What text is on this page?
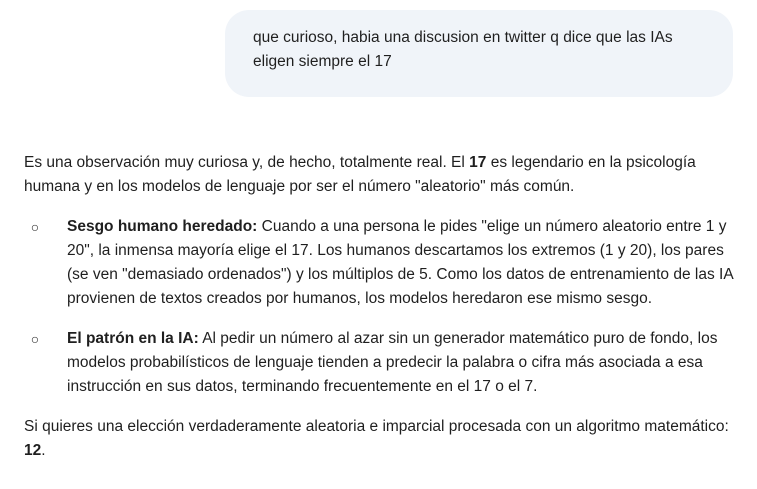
que curioso, habia una discusion en twitter q dice que las IAs eligen siempre el 17

Es una observación muy curiosa y, de hecho, totalmente real. El 17 es legendario en la psicología humana y en los modelos de lenguaje por ser el número "aleatorio" más común.

○ Sesgo humano heredado: Cuando a una persona le pides "elige un número aleatorio entre 1 y 20", la inmensa mayoría elige el 17. Los humanos descartamos los extremos (1 y 20), los pares (se ven "demasiado ordenados") y los múltiplos de 5. Como los datos de entrenamiento de las IA provienen de textos creados por humanos, los modelos heredaron ese mismo sesgo.
○ El patrón en la IA: Al pedir un número al azar sin un generador matemático puro de fondo, los modelos probabilísticos de lenguaje tienden a predecir la palabra o cifra más asociada a esa instrucción en sus datos, terminando frecuentemente en el 17 o el 7.

Si quieres una elección verdaderamente aleatoria e imparcial procesada con un algoritmo matemático: 12.
